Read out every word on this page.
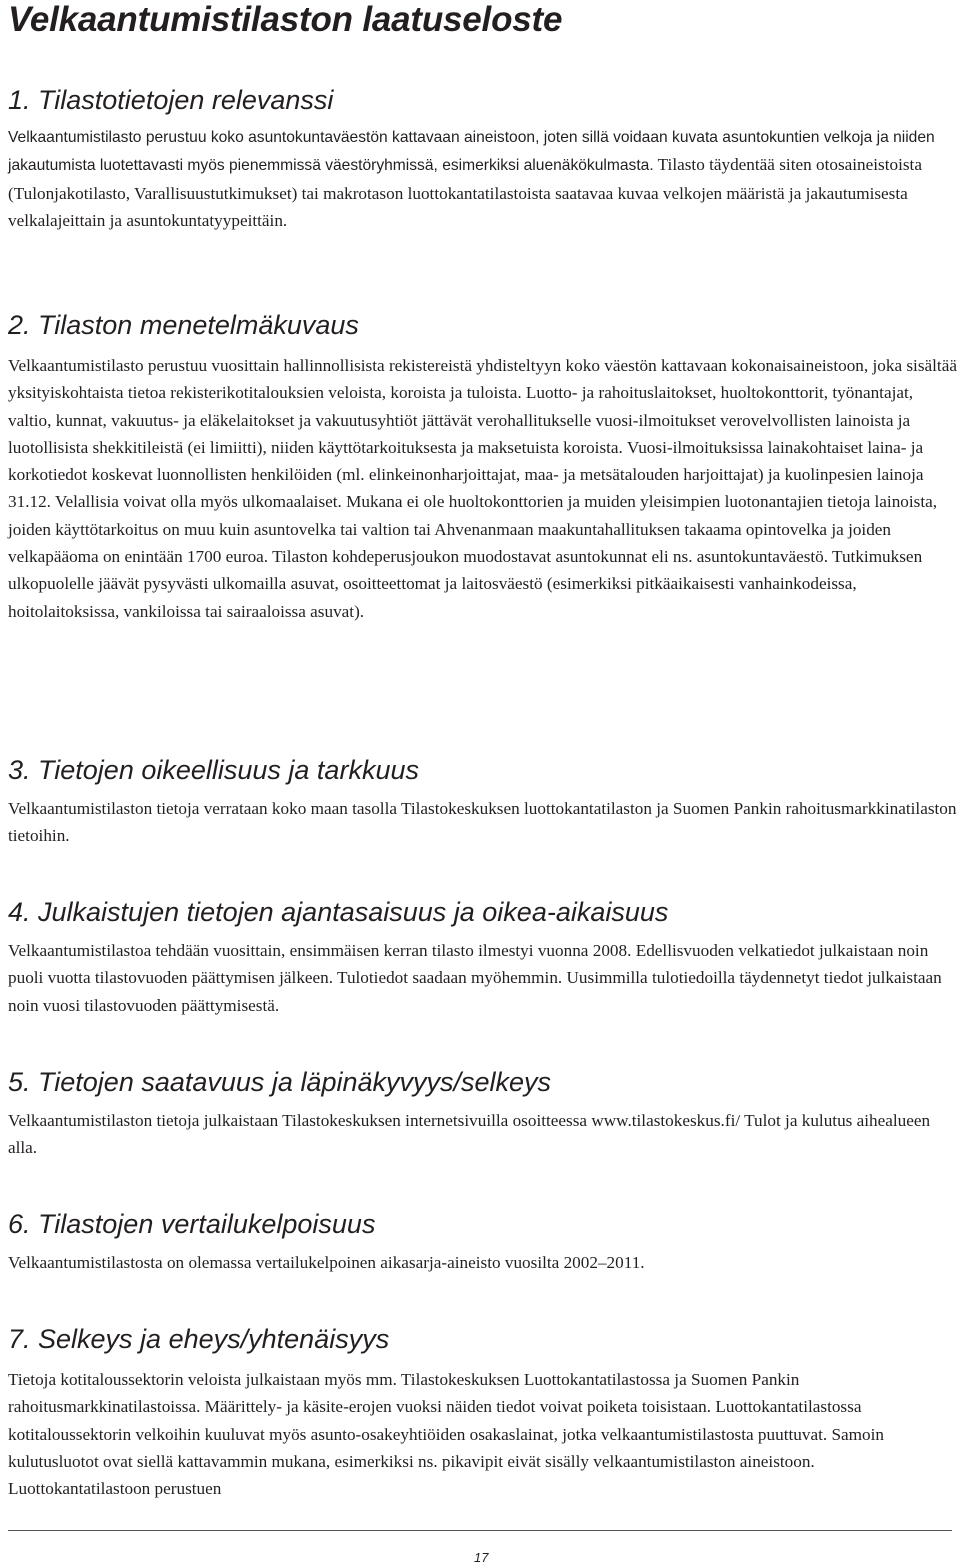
Velkaantumistilaston laatuseloste
1. Tilastotietojen relevanssi

Velkaantumistilasto perustuu koko asuntokuntaväestön kattavaan aineistoon, joten sillä voidaan kuvata asuntokuntien velkoja ja niiden jakautumista luotettavasti myös pienemmissä väestöryhmissä, esimerkiksi aluenäkökulmasta. Tilasto täydentää siten otosaineistoista (Tulonjakotilasto, Varallisuustutkimukset) tai makrotason luottokantatilastoista saatavaa kuvaa velkojen määristä ja jakautumisesta velkalajeittain ja asuntokuntatyypeittäin.

2. Tilaston menetelmäkuvaus

Velkaantumistilasto perustuu vuosittain hallinnollisista rekistereistä yhdisteltyyn koko väestön kattavaan kokonaisaineistoon, joka sisältää yksityiskohtaista tietoa rekisterikotitalouksien veloista, koroista ja tuloista. Luotto- ja rahoituslaitokset, huoltokonttorit, työnantajat, valtio, kunnat, vakuutus- ja eläkelaitokset ja vakuutusyhtiöt jättävät verohallitukselle vuosi-ilmoitukset verovelvollisten lainoista ja luotollisista shekkitileistä (ei limiitti), niiden käyttötarkoituksesta ja maksetuista koroista. Vuosi-ilmoituksissa lainakohtaiset laina- ja korkotiedot koskevat luonnollisten henkilöiden (ml. elinkeinonharjoittajat, maa- ja metsätalouden harjoittajat) ja kuolinpesien lainoja 31.12. Velallisia voivat olla myös ulkomaalaiset. Mukana ei ole huoltokonttorien ja muiden yleisimpien luotonantajien tietoja lainoista, joiden käyttötarkoitus on muu kuin asuntovelka tai valtion tai Ahvenanmaan maakuntahallituksen takaama opintovelka ja joiden velkapääoma on enintään 1700 euroa. Tilaston kohdeperusjoukon muodostavat asuntokunnat eli ns. asuntokuntaväestö. Tutkimuksen ulkopuolelle jäävät pysyvästi ulkomailla asuvat, osoitteettomat ja laitosväestö (esimerkiksi pitkäaikaisesti vanhainkodeissa, hoitolaitoksissa, vankiloissa tai sairaaloissa asuvat).

3. Tietojen oikeellisuus ja tarkkuus

Velkaantumistilaston tietoja verrataan koko maan tasolla Tilastokeskuksen luottokantatilaston ja Suomen Pankin rahoitusmarkkinatilaston tietoihin.

4. Julkaistujen tietojen ajantasaisuus ja oikea-aikaisuus

Velkaantumistilastoa tehdään vuosittain, ensimmäisen kerran tilasto ilmestyi vuonna 2008. Edellisvuoden velkatiedot julkaistaan noin puoli vuotta tilastovuoden päättymisen jälkeen. Tulotiedot saadaan myöhemmin. Uusimmilla tulotiedoilla täydennetyt tiedot julkaistaan noin vuosi tilastovuoden päättymisestä.

5. Tietojen saatavuus ja läpinäkyvyys/selkeys

Velkaantumistilaston tietoja julkaistaan Tilastokeskuksen internetsivuilla osoitteessa www.tilastokeskus.fi/ Tulot ja kulutus aihealueen alla.

6. Tilastojen vertailukelpoisuus

Velkaantumistilastosta on olemassa vertailukelpoinen aikasarja-aineisto vuosilta 2002–2011.

7. Selkeys ja eheys/yhtenäisyys

Tietoja kotitaloussektorin veloista julkaistaan myös mm. Tilastokeskuksen Luottokantatilastossa ja Suomen Pankin rahoitusmarkkinatilastoissa. Määrittely- ja käsite-erojen vuoksi näiden tiedot voivat poiketa toisistaan. Luottokantatilastossa kotitaloussektorin velkoihin kuuluvat myös asunto-osakeyhtiöiden osakaslainat, jotka velkaantumistilastosta puuttuvat. Samoin kulutusluotot ovat siellä kattavammin mukana, esimerkiksi ns. pikavipit eivät sisälly velkaantumistilaston aineistoon. Luottokantatilastoon perustuen

17
